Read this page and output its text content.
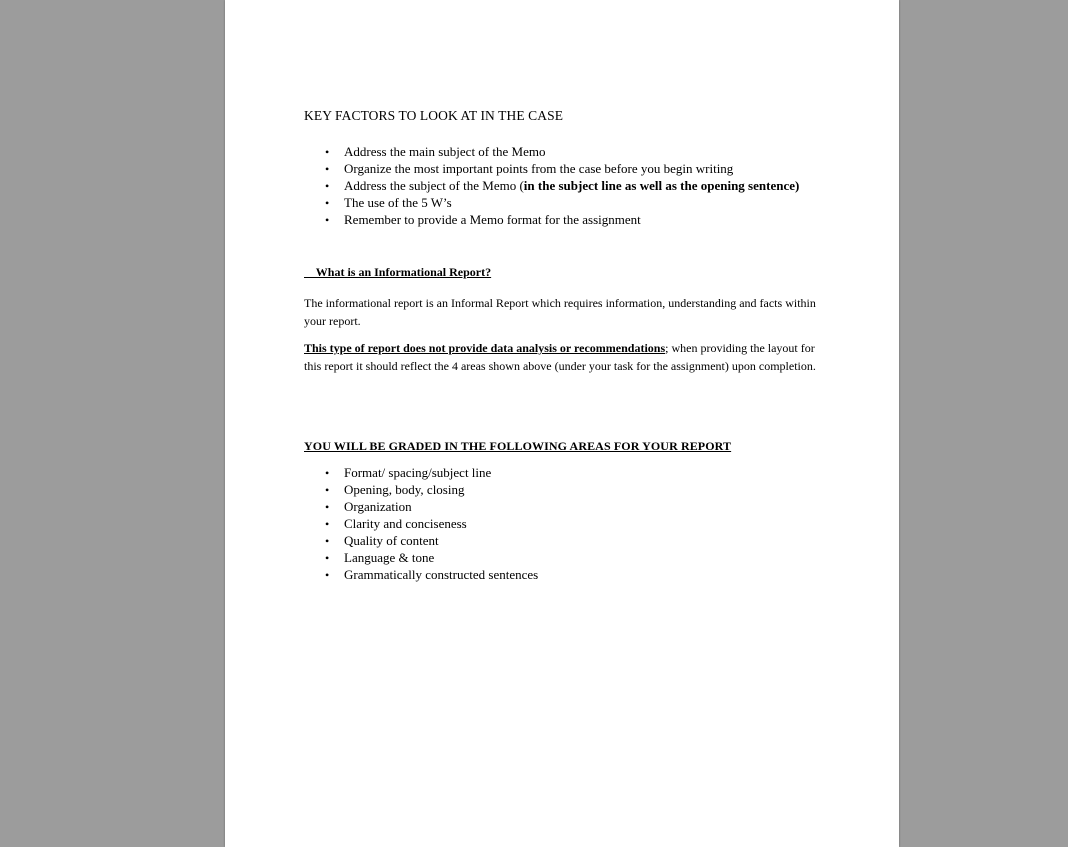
KEY FACTORS TO LOOK AT IN THE CASE
• Address the main subject of the Memo
• Organize the most important points from the case before you begin writing
• Address the subject of the Memo (in the subject line as well as the opening sentence)
• The use of the 5 W’s
• Remember to provide a Memo format for the assignment
What is an Informational Report?

The informational report is an Informal Report which requires information, understanding and facts within your report.

This type of report does not provide data analysis or recommendations; when providing the layout for this report it should reflect the 4 areas shown above (under your task for the assignment) upon completion.

YOU WILL BE GRADED IN THE FOLLOWING AREAS FOR YOUR REPORT
• Format/ spacing/subject line
• Opening, body, closing
• Organization
• Clarity and conciseness
• Quality of content
• Language & tone
• Grammatically constructed sentences
